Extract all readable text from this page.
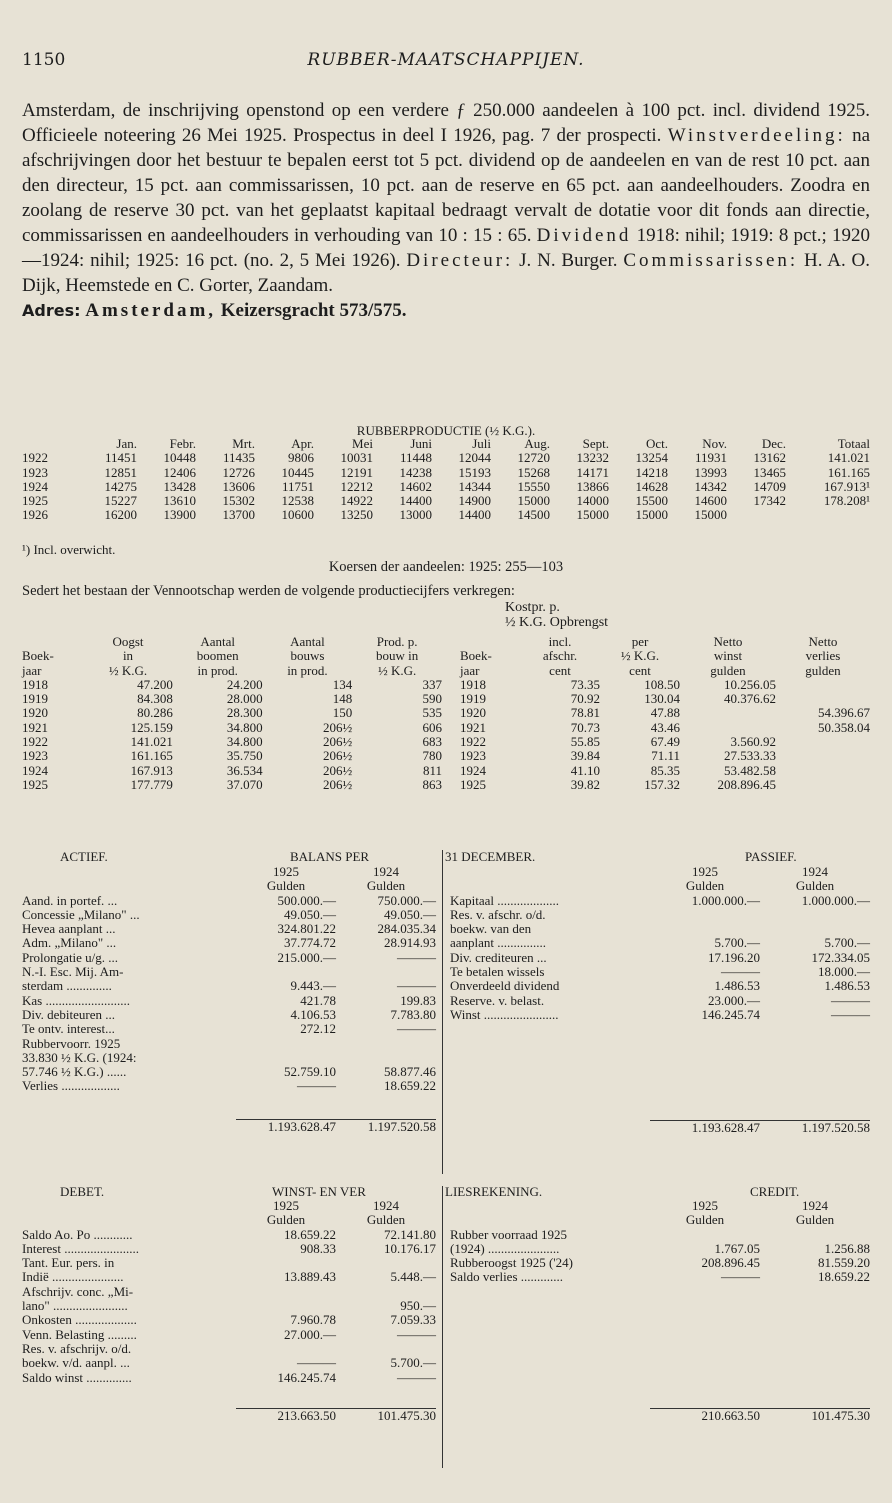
1150	RUBBER-MAATSCHAPPIJEN.

Amsterdam, de inschrijving openstond op een verdere ƒ 250.000 aandeelen à 100 pct. incl. dividend 1925. Officieele noteering 26 Mei 1925. Prospectus in deel I 1926, pag. 7 der prospecti. Winstverdeeling: na afschrijvingen door het bestuur te bepalen eerst tot 5 pct. dividend op de aandeelen en van de rest 10 pct. aan den directeur, 15 pct. aan commissarissen, 10 pct. aan de reserve en 65 pct. aan aandeelhouders. Zoodra en zoolang de reserve 30 pct. van het geplaatst kapitaal bedraagt vervalt de dotatie voor dit fonds aan directie, commissarissen en aandeelhouders in verhouding van 10 : 15 : 65. Dividend 1918: nihil; 1919: 8 pct.; 1920—1924: nihil; 1925: 16 pct. (no. 2, 5 Mei 1926). Directeur: J. N. Burger. Commissarissen: H. A. O. Dijk, Heemstede en C. Gorter, Zaandam.

Adres: Amsterdam, Keizersgracht 573/575.

RUBBERPRODUCTIE (½ K.G.).
	Jan.	Febr.	Mrt.	Apr.	Mei	Juni	Juli	Aug.	Sept.	Oct.	Nov.	Dec.	Totaal
1922	11451	10448	11435	9806	10031	11448	12044	12720	13232	13254	11931	13162	141.021
1923	12851	12406	12726	10445	12191	14238	15193	15268	14171	14218	13993	13465	161.165
1924	14275	13428	13606	11751	12212	14602	14344	15550	13866	14628	14342	14709	167.913¹
1925	15227	13610	15302	12538	14922	14400	14900	15000	14000	15500	14600	17342	178.208¹
1926	16200	13900	13700	10600	13250	13000	14400	14500	15000	15000	15000		
¹) Incl. overwicht.
Koersen der aandeelen: 1925: 255—103
Sedert het bestaan der Vennootschap werden de volgende productiecijfers verkregen:
Kostpr. p.
½ K.G. Opbrengst
	Oogst	Aantal	Aantal	Prod. p.
Boek-	in	boomen	bouws	bouw in
jaar	½ K.G.	in prod.	in prod.	½ K.G.
1918	47.200	24.200	134	337
1919	84.308	28.000	148	590
1920	80.286	28.300	150	535
1921	125.159	34.800	206½	606
1922	141.021	34.800	206½	683
1923	161.165	35.750	206½	780
1924	167.913	36.534	206½	811
1925	177.779	37.070	206½	863
	incl.	per	Netto	Netto
Boek-	afschr.	½ K.G.	winst	verlies
jaar	cent	cent	gulden	gulden
1918	73.35	108.50	10.256.05	
1919	70.92	130.04	40.376.62	
1920	78.81	47.88		54.396.67
1921	70.73	43.46		50.358.04
1922	55.85	67.49	3.560.92	
1923	39.84	71.11	27.533.33	
1924	41.10	85.35	53.482.58	
1925	39.82	157.32	208.896.45	
ACTIEF.	BALANS PER	31 DECEMBER.	PASSIEF.
	1925	1924
	Gulden	Gulden
Aand. in portef. ...	500.000.—	750.000.—
Concessie „Milano" ...	49.050.—	49.050.—
Hevea aanplant ...	324.801.22	284.035.34
Adm. „Milano" ...	37.774.72	28.914.93
Prolongatie u/g. ...	215.000.—	———
N.-I. Esc. Mij. Am-		
sterdam ..............	9.443.—	———
Kas ..........................	421.78	199.83
Div. debiteuren ...	4.106.53	7.783.80
Te ontv. interest...	272.12	———
Rubbervoorr. 1925		
33.830 ½ K.G. (1924:		
57.746 ½ K.G.) ......	52.759.10	58.877.46
Verlies ..................	———	18.659.22

	1.193.628.47	1.197.520.58
	1925	1924
	Gulden	Gulden
Kapitaal ...................	1.000.000.—	1.000.000.—
Res. v. afschr. o/d.		
boekw. van den		
aanplant ...............	5.700.—	5.700.—
Div. crediteuren ...	17.196.20	172.334.05
Te betalen wissels	———	18.000.—
Onverdeeld dividend	1.486.53	1.486.53
Reserve. v. belast.	23.000.—	———
Winst .......................	146.245.74	———

	1.193.628.47	1.197.520.58
DEBET.	WINST- EN VER	LIESREKENING.	CREDIT.
	1925	1924
	Gulden	Gulden
Saldo Ao. Po ............	18.659.22	72.141.80
Interest .......................	908.33	10.176.17
Tant. Eur. pers. in		
Indië ......................	13.889.43	5.448.—
Afschrijv. conc. „Mi-		
lano" .......................		950.—
Onkosten ...................	7.960.78	7.059.33
Venn. Belasting .........	27.000.—	———
Res. v. afschrijv. o/d.		
boekw. v/d. aanpl. ...	———	5.700.—
Saldo winst ..............	146.245.74	———

	213.663.50	101.475.30
	1925	1924
	Gulden	Gulden
Rubber voorraad 1925		
(1924) ......................	1.767.05	1.256.88
Rubberoogst 1925 ('24)	208.896.45	81.559.20
Saldo verlies .............	———	18.659.22

	210.663.50	101.475.30
